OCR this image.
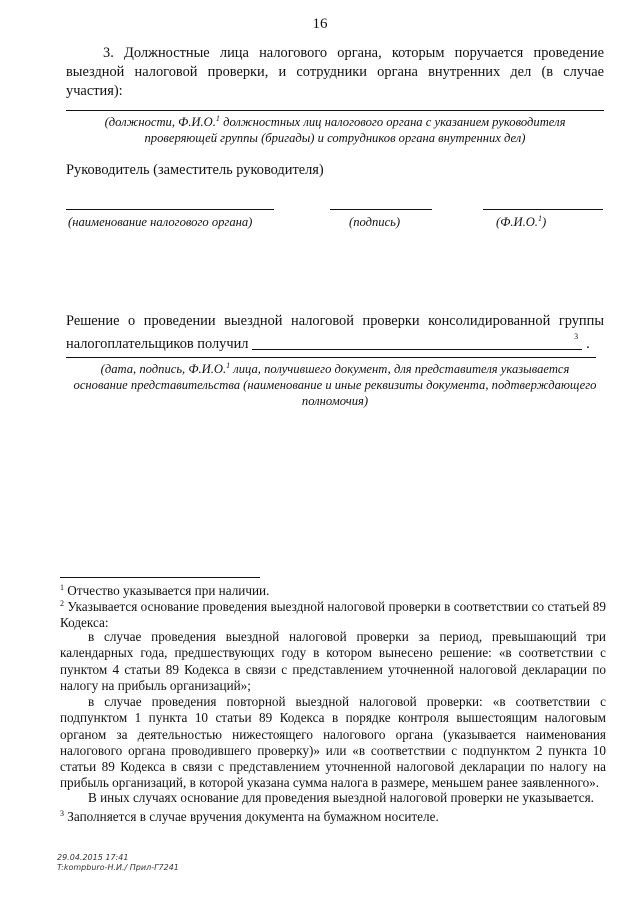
16
3. Должностные лица налогового органа, которым поручается проведение выездной налоговой проверки, и сотрудники органа внутренних дел (в случае участия):
(должности, Ф.И.О.$^1$ должностных лиц налогового органа с указанием руководителя
проверяющей группы (бригады) и сотрудников органа внутренних дел)
Руководитель (заместитель руководителя)
(наименование налогового органа)	(подпись)	(Ф.И.О.$^1$)
Решение о проведении выездной налоговой проверки консолидированной группы
налогоплательщиков получил	$^3$ .
(дата, подпись, Ф.И.О.$^1$ лица, получившего документ, для представителя указывается
основание представительства (наименование и иные реквизиты документа, подтверждающего
полномочия)
$^1$ Отчество указывается при наличии.
$^2$ Указывается основание проведения выездной налоговой проверки в соответствии со статьей 89 Кодекса:
в случае проведения выездной налоговой проверки за период, превышающий три календарных года, предшествующих году в котором вынесено решение: «в соответствии с пунктом 4 статьи 89 Кодекса в связи с представлением уточненной налоговой декларации по налогу на прибыль организаций»;
в случае проведения повторной выездной налоговой проверки: «в соответствии с подпунктом 1 пункта 10 статьи 89 Кодекса в порядке контроля вышестоящим налоговым органом за деятельностью нижестоящего налогового органа (указывается наименования налогового органа проводившего проверку)» или «в соответствии с подпунктом 2 пункта 10 статьи 89 Кодекса в связи с представлением уточненной налоговой декларации по налогу на прибыль организаций, в которой указана сумма налога в размере, меньшем ранее заявленного».
В иных случаях основание для проведения выездной налоговой проверки не указывается.
$^3$ Заполняется в случае вручения документа на бумажном носителе.
29.04.2015 17:41
T:kompburo-Н.И./ Прил-Г7241
